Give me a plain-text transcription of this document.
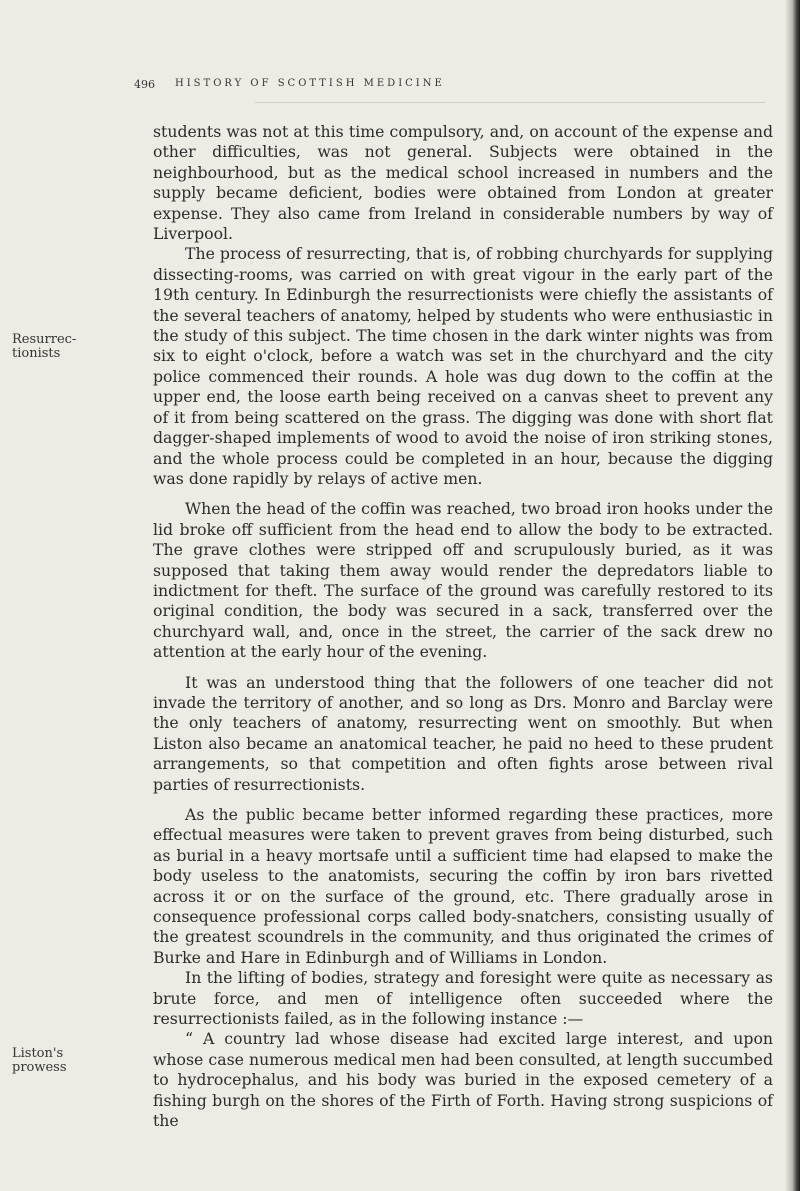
496 HISTORY OF SCOTTISH MEDICINE
Resurrec-
tionists
Liston's
prowess

students was not at this time compulsory, and, on account of the expense and other difficulties, was not general. Subjects were obtained in the neighbourhood, but as the medical school increased in numbers and the supply became deficient, bodies were obtained from London at greater expense. They also came from Ireland in considerable numbers by way of Liverpool.

The process of resurrecting, that is, of robbing churchyards for supplying dissecting-rooms, was carried on with great vigour in the early part of the 19th century. In Edinburgh the resurrectionists were chiefly the assistants of the several teachers of anatomy, helped by students who were enthusiastic in the study of this subject. The time chosen in the dark winter nights was from six to eight o'clock, before a watch was set in the churchyard and the city police commenced their rounds. A hole was dug down to the coffin at the upper end, the loose earth being received on a canvas sheet to prevent any of it from being scattered on the grass. The digging was done with short flat dagger-shaped implements of wood to avoid the noise of iron striking stones, and the whole process could be completed in an hour, because the digging was done rapidly by relays of active men.

When the head of the coffin was reached, two broad iron hooks under the lid broke off sufficient from the head end to allow the body to be extracted. The grave clothes were stripped off and scrupulously buried, as it was supposed that taking them away would render the depredators liable to indictment for theft. The surface of the ground was carefully restored to its original condition, the body was secured in a sack, transferred over the churchyard wall, and, once in the street, the carrier of the sack drew no attention at the early hour of the evening.

It was an understood thing that the followers of one teacher did not invade the territory of another, and so long as Drs. Monro and Barclay were the only teachers of anatomy, resurrecting went on smoothly. But when Liston also became an anatomical teacher, he paid no heed to these prudent arrangements, so that competition and often fights arose between rival parties of resurrectionists.

As the public became better informed regarding these practices, more effectual measures were taken to prevent graves from being disturbed, such as burial in a heavy mortsafe until a sufficient time had elapsed to make the body useless to the anatomists, securing the coffin by iron bars rivetted across it or on the surface of the ground, etc. There gradually arose in consequence professional corps called body-snatchers, consisting usually of the greatest scoundrels in the community, and thus originated the crimes of Burke and Hare in Edinburgh and of Williams in London.

In the lifting of bodies, strategy and foresight were quite as necessary as brute force, and men of intelligence often succeeded where the resurrectionists failed, as in the following instance :—

“ A country lad whose disease had excited large interest, and upon whose case numerous medical men had been consulted, at length succumbed to hydrocephalus, and his body was buried in the exposed cemetery of a fishing burgh on the shores of the Firth of Forth. Having strong suspicions of the
